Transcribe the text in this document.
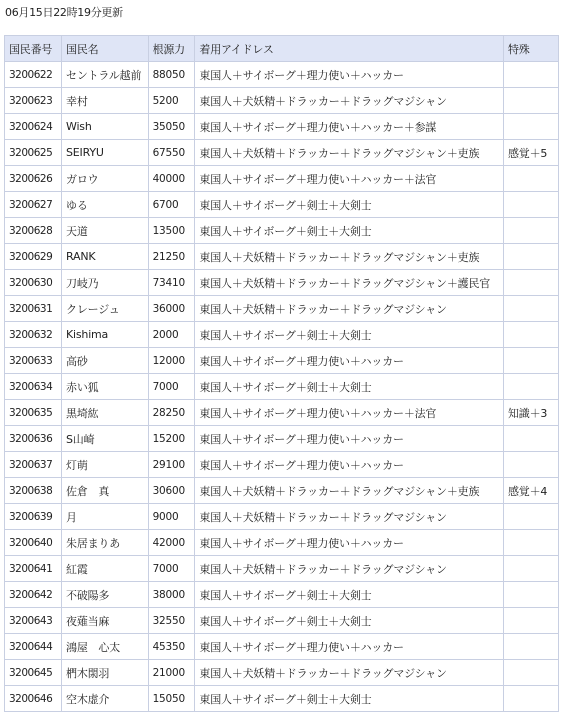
06月15日22時19分更新
国民番号	国民名	根源力	着用アイドレス	特殊
3200622	セントラル越前	88050	東国人＋サイボーグ＋理力使い＋ハッカー	
3200623	幸村	5200	東国人＋犬妖精＋ドラッカー＋ドラッグマジシャン	
3200624	Wish	35050	東国人＋サイボーグ＋理力使い＋ハッカー＋参謀	
3200625	SEIRYU	67550	東国人＋犬妖精＋ドラッカー＋ドラッグマジシャン＋吏族	感覚＋5
3200626	ガロウ	40000	東国人＋サイボーグ＋理力使い＋ハッカー＋法官	
3200627	ゆる	6700	東国人＋サイボーグ＋剣士＋大剣士	
3200628	天道	13500	東国人＋サイボーグ＋剣士＋大剣士	
3200629	RANK	21250	東国人＋犬妖精＋ドラッカー＋ドラッグマジシャン＋吏族	
3200630	刀岐乃	73410	東国人＋犬妖精＋ドラッカー＋ドラッグマジシャン＋護民官	
3200631	クレージュ	36000	東国人＋犬妖精＋ドラッカー＋ドラッグマジシャン	
3200632	Kishima	2000	東国人＋サイボーグ＋剣士＋大剣士	
3200633	高砂	12000	東国人＋サイボーグ＋理力使い＋ハッカー	
3200634	赤い狐	7000	東国人＋サイボーグ＋剣士＋大剣士	
3200635	黒埼紘	28250	東国人＋サイボーグ＋理力使い＋ハッカー＋法官	知識＋3
3200636	S山崎	15200	東国人＋サイボーグ＋理力使い＋ハッカー	
3200637	灯萌	29100	東国人＋サイボーグ＋理力使い＋ハッカー	
3200638	佐倉　真	30600	東国人＋犬妖精＋ドラッカー＋ドラッグマジシャン＋吏族	感覚＋4
3200639	月	9000	東国人＋犬妖精＋ドラッカー＋ドラッグマジシャン	
3200640	朱居まりあ	42000	東国人＋サイボーグ＋理力使い＋ハッカー	
3200641	紅霞	7000	東国人＋犬妖精＋ドラッカー＋ドラッグマジシャン	
3200642	不破陽多	38000	東国人＋サイボーグ＋剣士＋大剣士	
3200643	夜薙当麻	32550	東国人＋サイボーグ＋剣士＋大剣士	
3200644	鴻屋　心太	45350	東国人＋サイボーグ＋理力使い＋ハッカー	
3200645	椚木閖羽	21000	東国人＋犬妖精＋ドラッカー＋ドラッグマジシャン	
3200646	空木虚介	15050	東国人＋サイボーグ＋剣士＋大剣士	
